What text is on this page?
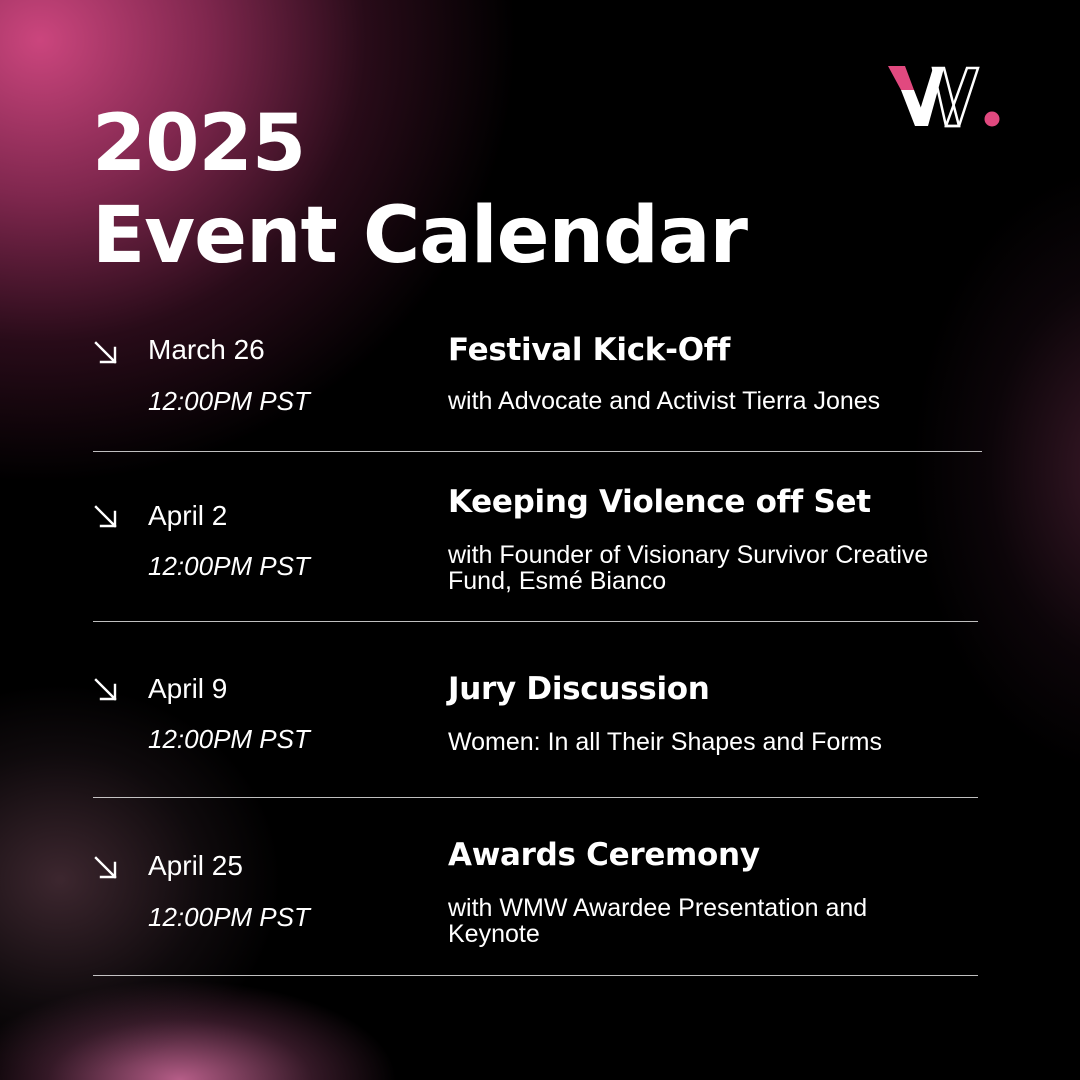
2025
Event Calendar
March 26
12:00PM PST
Festival Kick-Off
with Advocate and Activist Tierra Jones
April 2
12:00PM PST
Keeping Violence off Set
with Founder of Visionary Survivor Creative Fund, Esmé Bianco
April 9
12:00PM PST
Jury Discussion
Women: In all Their Shapes and Forms
April 25
12:00PM PST
Awards Ceremony
with WMW Awardee Presentation and Keynote
